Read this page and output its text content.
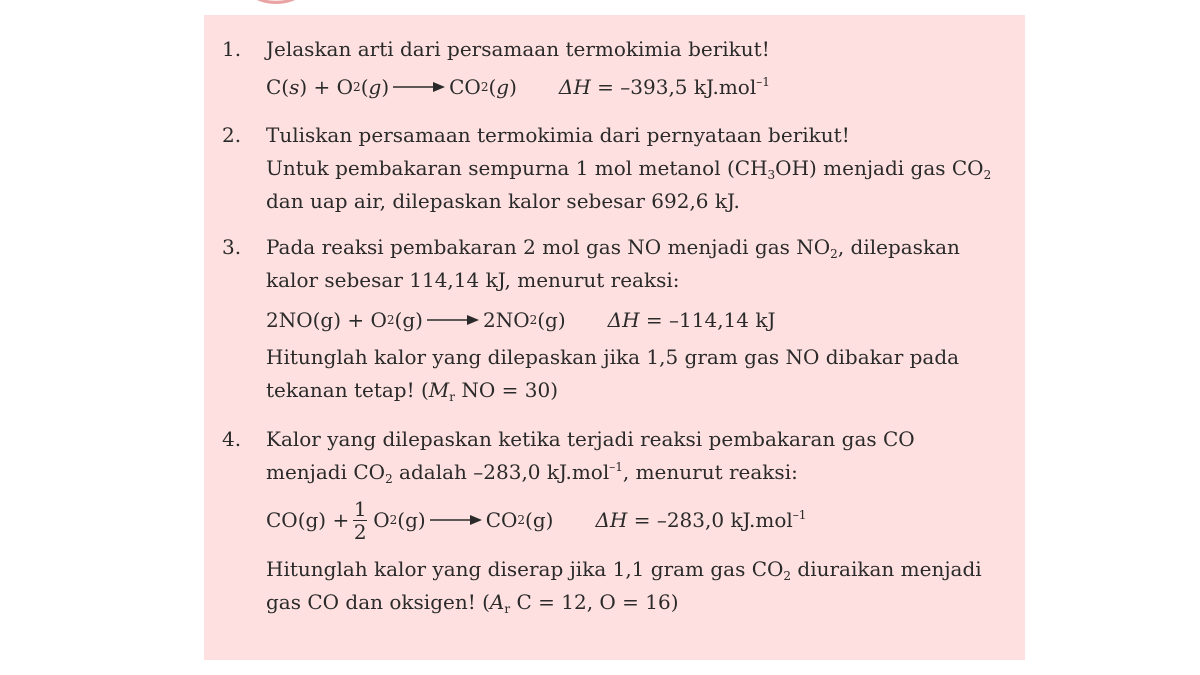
1. Jelaskan arti dari persamaan termokimia berikut!
C( s ) + O 2 ( g ) → CO 2 ( g ) ΔH = –393,5 kJ.mol$^{-1}$
2. Tuliskan persamaan termokimia dari pernyataan berikut!
Untuk pembakaran sempurna 1 mol metanol $(CH_3OH)$ menjadi gas $CO_2$
dan uap air, dilepaskan kalor sebesar 692,6 kJ.
3. Pada reaksi pembakaran 2 mol gas NO menjadi gas $NO_2$, dilepaskan
kalor sebesar 114,14 kJ, menurut reaksi:
2NO(g) + O 2 (g) → 2NO 2 (g) ΔH = –114,14 kJ
Hitunglah kalor yang dilepaskan jika 1,5 gram gas NO dibakar pada
tekanan tetap! ($M_r$ NO = 30)
4. Kalor yang dilepaskan ketika terjadi reaksi pembakaran gas CO
menjadi $CO_2$ adalah –283,0 kJ.mol$^{-1}$, menurut reaksi:
$CO(g) + \frac{1}{2}$ O 2 (g) → CO 2 (g) ΔH = –283,0 kJ.mol$^{-1}$
Hitunglah kalor yang diserap jika 1,1 gram gas $CO_2$ diuraikan menjadi
gas CO dan oksigen! ($A_r$ C = 12, O = 16)
